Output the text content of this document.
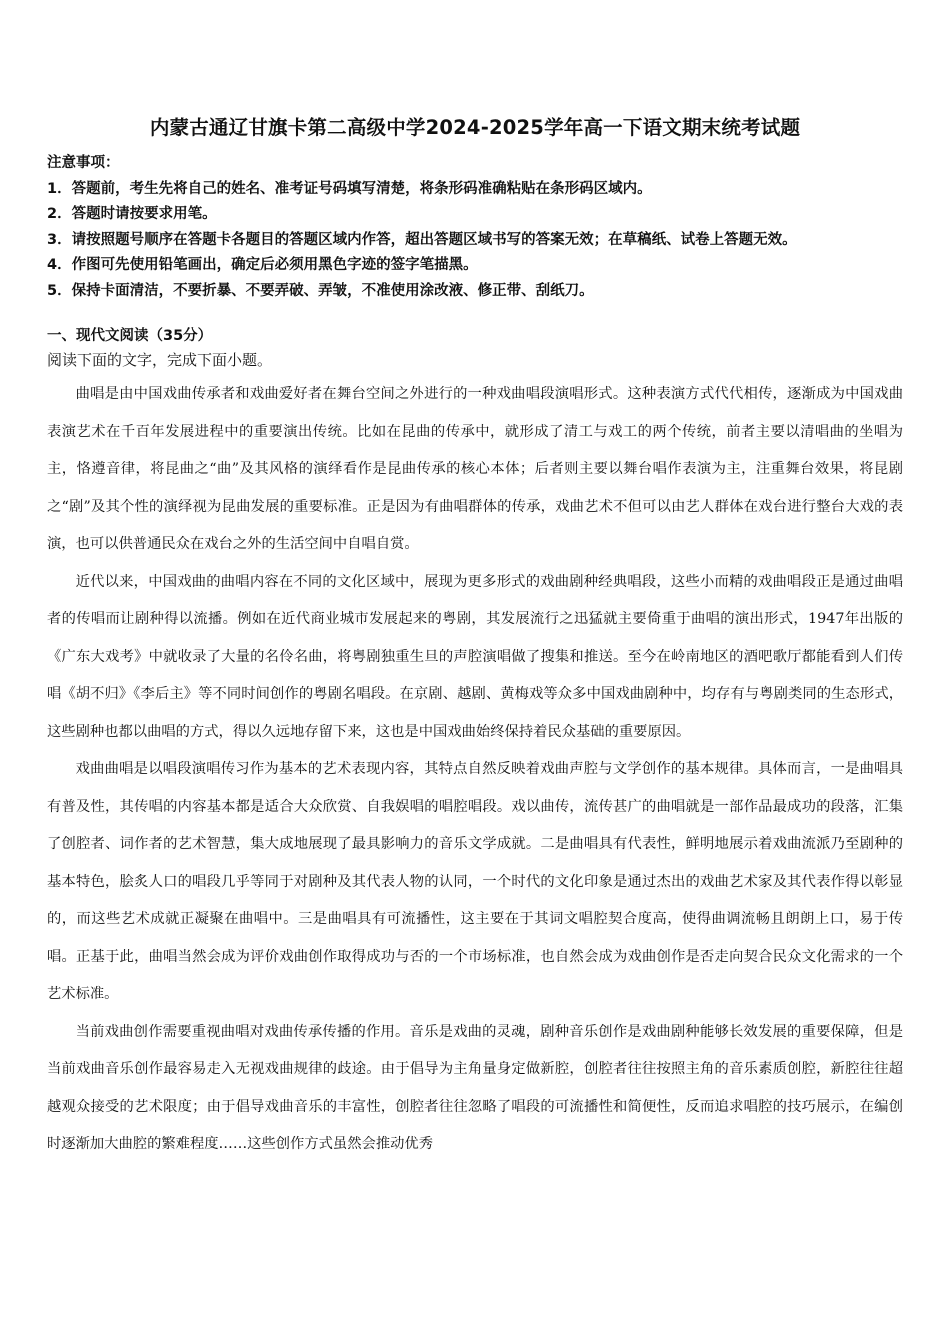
内蒙古通辽甘旗卡第二高级中学2024-2025学年高一下语文期末统考试题
注意事项：
1．答题前，考生先将自己的姓名、准考证号码填写清楚，将条形码准确粘贴在条形码区域内。
2．答题时请按要求用笔。
3．请按照题号顺序在答题卡各题目的答题区域内作答，超出答题区域书写的答案无效；在草稿纸、试卷上答题无效。
4．作图可先使用铅笔画出，确定后必须用黑色字迹的签字笔描黑。
5．保持卡面清洁，不要折暴、不要弄破、弄皱，不准使用涂改液、修正带、刮纸刀。
一、现代文阅读（35分）
阅读下面的文字，完成下面小题。

曲唱是由中国戏曲传承者和戏曲爱好者在舞台空间之外进行的一种戏曲唱段演唱形式。这种表演方式代代相传，逐渐成为中国戏曲表演艺术在千百年发展进程中的重要演出传统。比如在昆曲的传承中，就形成了清工与戏工的两个传统，前者主要以清唱曲的坐唱为主，恪遵音律，将昆曲之“曲”及其风格的演绎看作是昆曲传承的核心本体；后者则主要以舞台唱作表演为主，注重舞台效果，将昆剧之“剧”及其个性的演绎视为昆曲发展的重要标准。正是因为有曲唱群体的传承，戏曲艺术不但可以由艺人群体在戏台进行整台大戏的表演，也可以供普通民众在戏台之外的生活空间中自唱自赏。

近代以来，中国戏曲的曲唱内容在不同的文化区域中，展现为更多形式的戏曲剧种经典唱段，这些小而精的戏曲唱段正是通过曲唱者的传唱而让剧种得以流播。例如在近代商业城市发展起来的粤剧，其发展流行之迅猛就主要倚重于曲唱的演出形式，1947年出版的《广东大戏考》中就收录了大量的名伶名曲，将粤剧独重生旦的声腔演唱做了搜集和推送。至今在岭南地区的酒吧歌厅都能看到人们传唱《胡不归》《李后主》等不同时间创作的粤剧名唱段。在京剧、越剧、黄梅戏等众多中国戏曲剧种中，均存有与粤剧类同的生态形式，这些剧种也都以曲唱的方式，得以久远地存留下来，这也是中国戏曲始终保持着民众基础的重要原因。

戏曲曲唱是以唱段演唱传习作为基本的艺术表现内容，其特点自然反映着戏曲声腔与文学创作的基本规律。具体而言，一是曲唱具有普及性，其传唱的内容基本都是适合大众欣赏、自我娱唱的唱腔唱段。戏以曲传，流传甚广的曲唱就是一部作品最成功的段落，汇集了创腔者、词作者的艺术智慧，集大成地展现了最具影响力的音乐文学成就。二是曲唱具有代表性，鲜明地展示着戏曲流派乃至剧种的基本特色，脍炙人口的唱段几乎等同于对剧种及其代表人物的认同，一个时代的文化印象是通过杰出的戏曲艺术家及其代表作得以彰显的，而这些艺术成就正凝聚在曲唱中。三是曲唱具有可流播性，这主要在于其词文唱腔契合度高，使得曲调流畅且朗朗上口，易于传唱。正基于此，曲唱当然会成为评价戏曲创作取得成功与否的一个市场标准，也自然会成为戏曲创作是否走向契合民众文化需求的一个艺术标准。

当前戏曲创作需要重视曲唱对戏曲传承传播的作用。音乐是戏曲的灵魂，剧种音乐创作是戏曲剧种能够长效发展的重要保障，但是当前戏曲音乐创作最容易走入无视戏曲规律的歧途。由于倡导为主角量身定做新腔，创腔者往往按照主角的音乐素质创腔，新腔往往超越观众接受的艺术限度；由于倡导戏曲音乐的丰富性，创腔者往往忽略了唱段的可流播性和简便性，反而追求唱腔的技巧展示，在编创时逐渐加大曲腔的繁难程度……这些创作方式虽然会推动优秀
